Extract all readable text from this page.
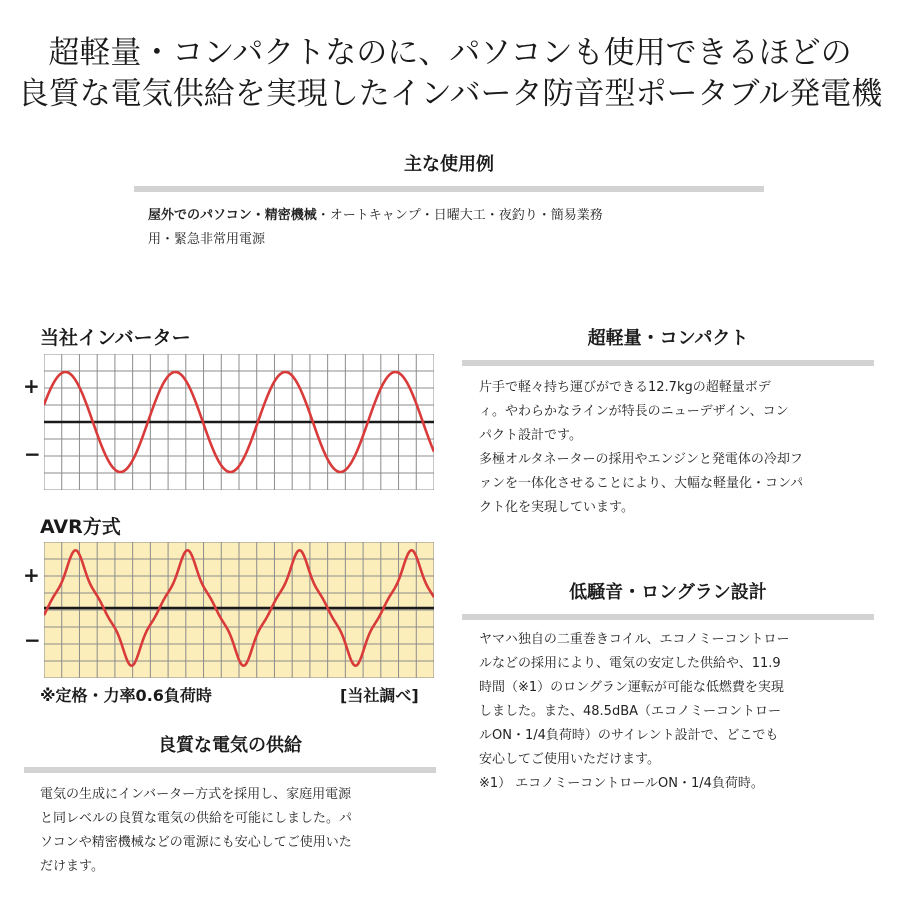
超軽量・コンパクトなのに、パソコンも使用できるほどの
良質な電気供給を実現したインバータ防音型ポータブル発電機
主な使用例
屋外でのパソコン・精密機械・オートキャンプ・日曜大工・夜釣り・簡易業務
用・緊急非常用電源
当社インバーター
+
−
AVR方式
+
−
※定格・力率0.6負荷時	[当社調べ]
良質な電気の供給
電気の生成にインバーター方式を採用し、家庭用電源
と同レベルの良質な電気の供給を可能にしました。パ
ソコンや精密機械などの電源にも安心してご使用いた
だけます。
超軽量・コンパクト
片手で軽々持ち運びができる12.7kgの超軽量ボデ
ィ。やわらかなラインが特長のニューデザイン、コン
パクト設計です。
多極オルタネーターの採用やエンジンと発電体の冷却フ
ァンを一体化させることにより、大幅な軽量化・コンパ
クト化を実現しています。
低騒音・ロングラン設計
ヤマハ独自の二重巻きコイル、エコノミーコントロー
ルなどの採用により、電気の安定した供給や、11.9
時間（※1）のロングラン運転が可能な低燃費を実現
しました。また、48.5dBA（エコノミーコントロー
ルON・1/4負荷時）のサイレント設計で、どこでも
安心してご使用いただけます。
※1） エコノミーコントロールON・1/4負荷時。
